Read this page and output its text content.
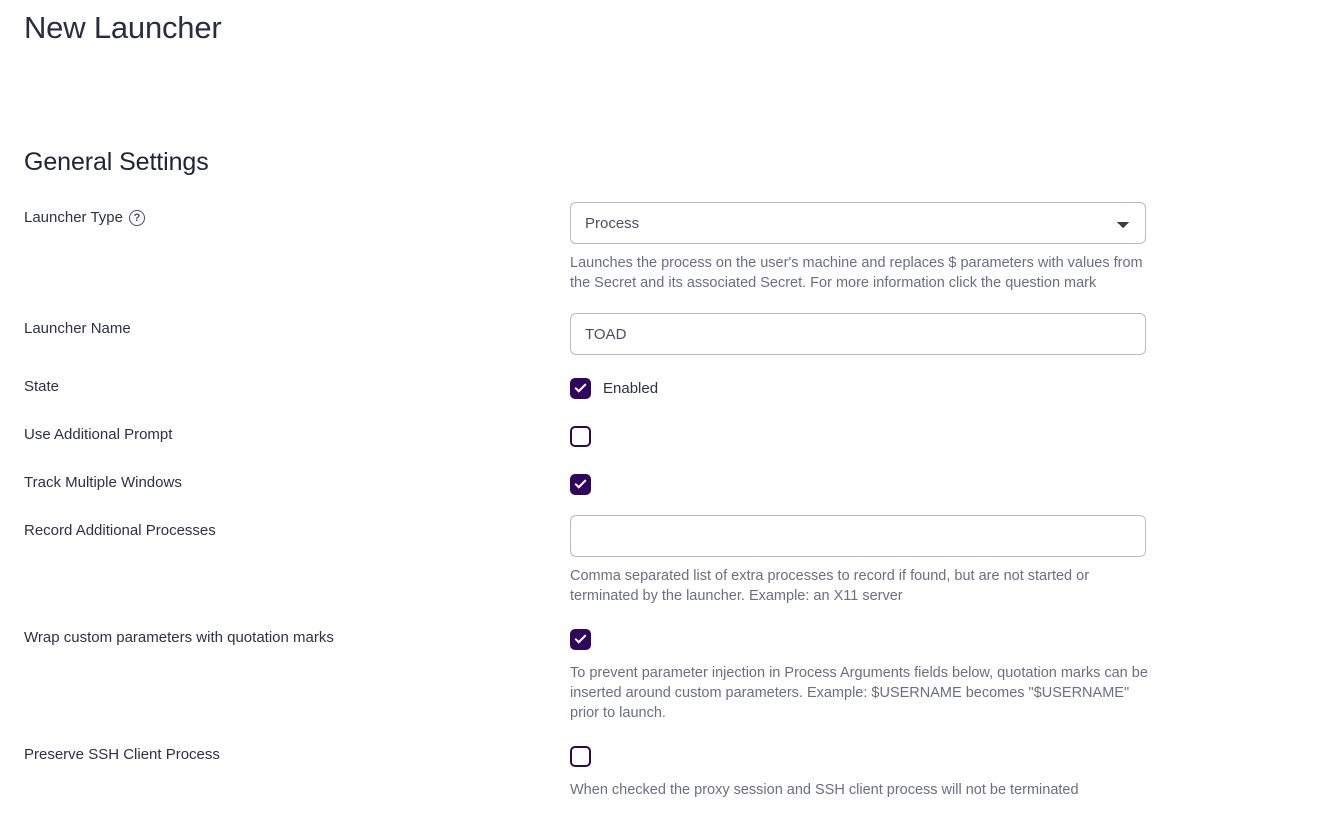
New Launcher
General Settings
Launcher Type ?
Process
Launches the process on the user's machine and replaces $ parameters with values from the Secret and its associated Secret. For more information click the question mark
Launcher Name
TOAD
State	Enabled
Use Additional Prompt
Track Multiple Windows
Record Additional Processes
Comma separated list of extra processes to record if found, but are not started or terminated by the launcher. Example: an X11 server
Wrap custom parameters with quotation marks
To prevent parameter injection in Process Arguments fields below, quotation marks can be inserted around custom parameters. Example: $USERNAME becomes "$USERNAME" prior to launch.
Preserve SSH Client Process
When checked the proxy session and SSH client process will not be terminated
